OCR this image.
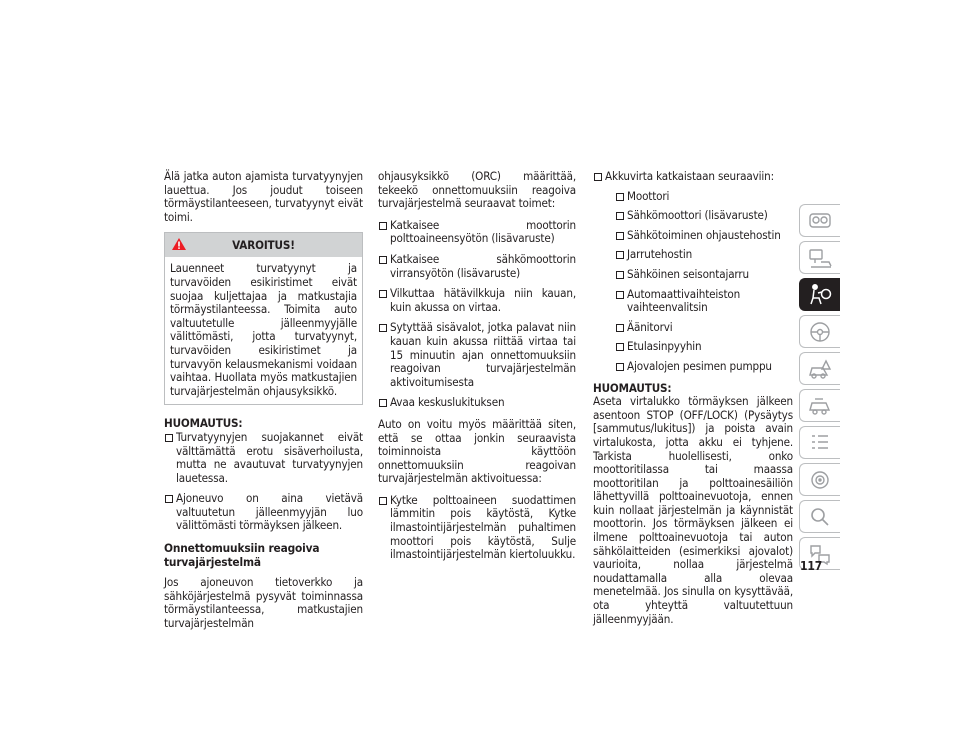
Älä jatka auton ajamista turvatyynyjen lauettua. Jos joudut toiseen törmäystilanteeseen, turvatyynyt eivät toimi.

VAROITUS!
Lauenneet turvatyynyt ja turvavöiden esikiristimet eivät suojaa kuljettajaa ja matkustajia törmäystilanteessa. Toimita auto valtuutetulle jälleenmyyjälle välittömästi, jotta turvatyynyt, turvavöiden esikiristimet ja turvavyön kelausmekanismi voidaan vaihtaa. Huollata myös matkustajien turvajärjestelmän ohjausyksikkö.
HUOMAUTUS:
Turvatyynyjen suojakannet eivät välttämättä erotu sisäverhoilusta, mutta ne avautuvat turvatyynyjen lauetessa.
Ajoneuvo on aina vietävä valtuutetun jälleenmyyjän luo välittömästi törmäyksen jälkeen.
Onnettomuuksiin reagoiva turvajärjestelmä

Jos ajoneuvon tietoverkko ja sähköjärjestelmä pysyvät toiminnassa törmäystilanteessa, matkustajien turvajärjestelmän

ohjausyksikkö (ORC) määrittää, tekeekö onnettomuuksiin reagoiva turvajärjestelmä seuraavat toimet:

Katkaisee moottorin polttoaineensyötön (lisävaruste)
Katkaisee sähkömoottorin virransyötön (lisävaruste)
Vilkuttaa hätävilkkuja niin kauan, kuin akussa on virtaa.
Sytyttää sisävalot, jotka palavat niin kauan kuin akussa riittää virtaa tai 15 minuutin ajan onnettomuuksiin reagoivan turvajärjestelmän aktivoitumisesta
Avaa keskuslukituksen

Auto on voitu myös määrittää siten, että se ottaa jonkin seuraavista toiminnoista käyttöön onnettomuuksiin reagoivan turvajärjestelmän aktivoituessa:

Kytke polttoaineen suodattimen lämmitin pois käytöstä, Kytke ilmastointijärjestelmän puhaltimen moottori pois käytöstä, Sulje ilmastointijärjestelmän kiertoluukku.
Akkuvirta katkaistaan seuraaviin:
Moottori
Sähkömoottori (lisävaruste)
Sähkötoiminen ohjaustehostin
Jarrutehostin
Sähköinen seisontajarru
Automaattivaihteiston vaihteenvalitsin
Äänitorvi
Etulasinpyyhin
Ajovalojen pesimen pumppu
HUOMAUTUS:

Aseta virtalukko törmäyksen jälkeen asentoon STOP (OFF/LOCK) (Pysäytys [sammutus/lukitus]) ja poista avain virtalukosta, jotta akku ei tyhjene. Tarkista huolellisesti, onko moottoritilassa tai maassa moottoritilan ja polttoainesäiliön lähettyvillä polttoainevuotoja, ennen kuin nollaat järjestelmän ja käynnistät moottorin. Jos törmäyksen jälkeen ei ilmene polttoainevuotoja tai auton sähkölaitteiden (esimerkiksi ajovalot) vaurioita, nollaa järjestelmä noudattamalla alla olevaa menetelmää. Jos sinulla on kysyttävää, ota yhteyttä valtuutettuun jälleenmyyjään.

117
